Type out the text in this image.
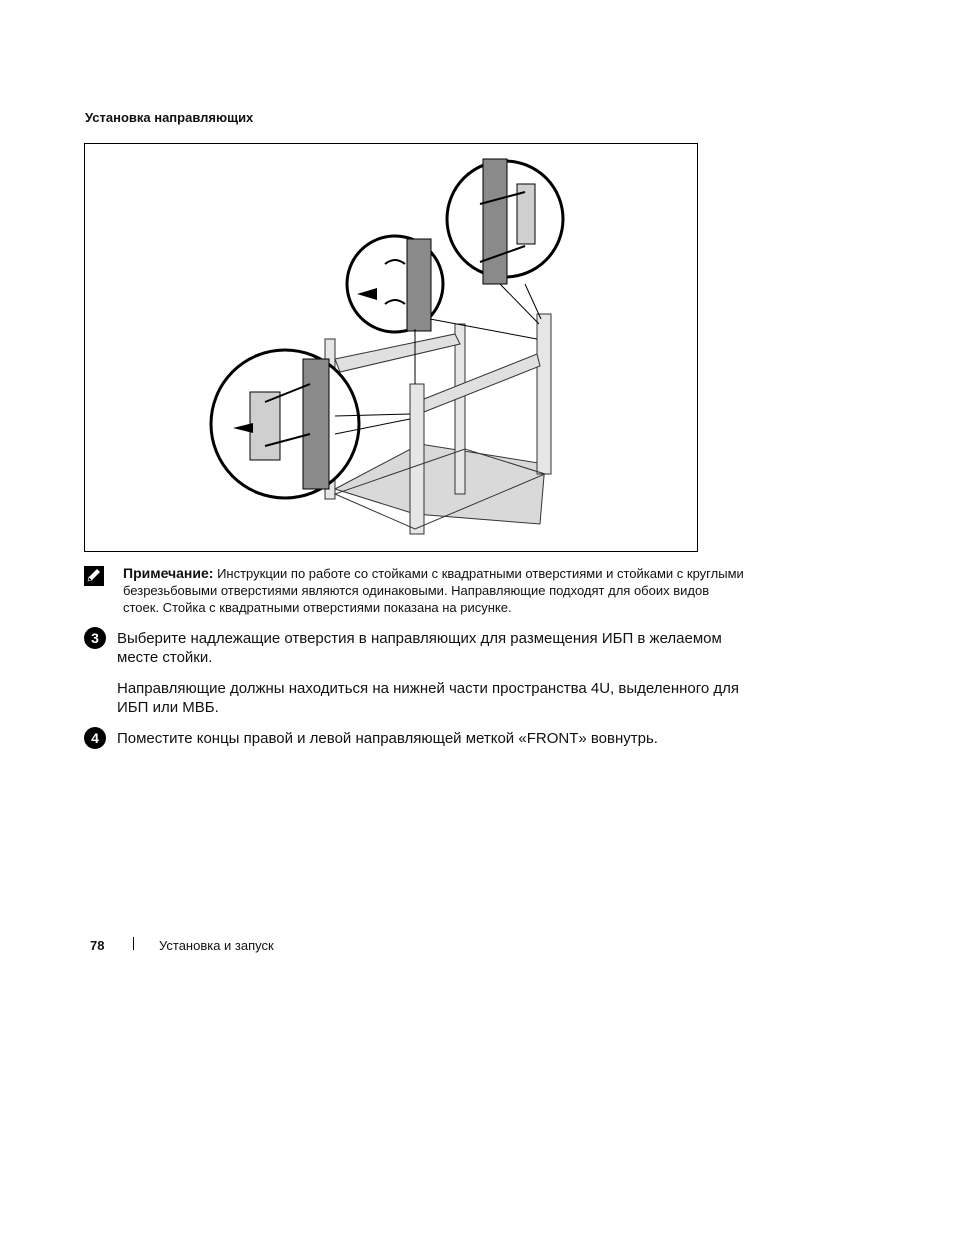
Установка направляющих
Примечание: Инструкции по работе со стойками с квадратными отверстиями и стойками с круглыми безрезьбовыми отверстиями являются одинаковыми. Направляющие подходят для обоих видов стоек. Стойка с квадратными отверстиями показана на рисунке.
3	Выберите надлежащие отверстия в направляющих для размещения ИБП в желаемом месте стойки.
Направляющие должны находиться на нижней части пространства 4U, выделенного для ИБП или МВБ.
4	Поместите концы правой и левой направляющей меткой «FRONT» вовнутрь.
78	Установка и запуск
